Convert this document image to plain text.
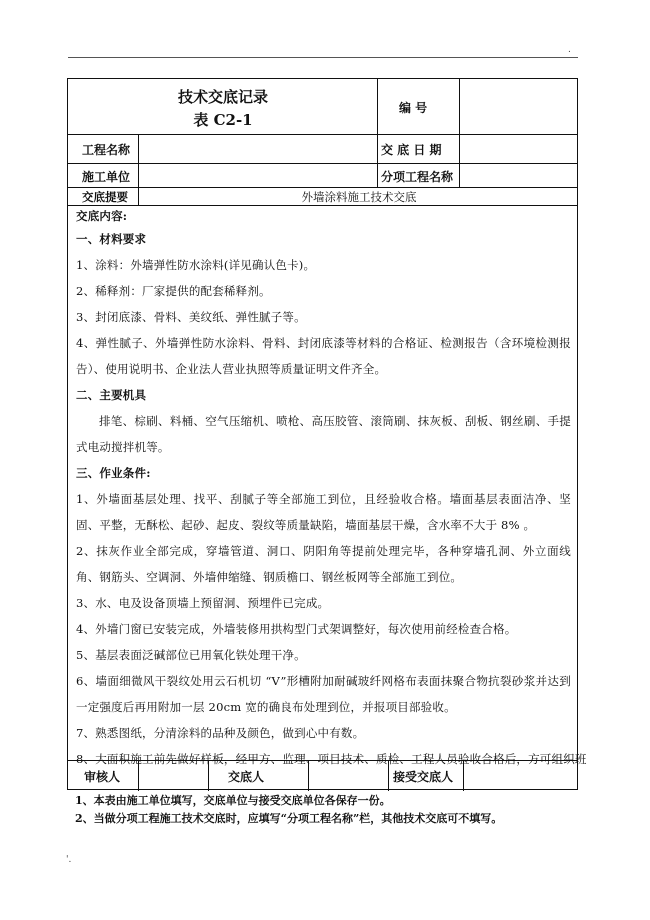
.
技术交底记录
表 C2-1
编 号
工程名称	交 底 日 期
施工单位	分项工程名称
交底提要	外墙涂料施工技术交底
交底内容:
一、材料要求
1、涂料：外墙弹性防水涂料(详见确认色卡)。
2、稀释剂：厂家提供的配套稀释剂。
3、封闭底漆、骨料、美纹纸、弹性腻子等。
4、弹性腻子、外墙弹性防水涂料、骨料、封闭底漆等材料的合格证、检测报告（含环境检测报告）、使用说明书、企业法人营业执照等质量证明文件齐全。
二、主要机具
排笔、棕刷、料桶、空气压缩机、喷枪、高压胶管、滚筒刷、抹灰板、刮板、钢丝刷、手提式电动搅拌机等。
三、作业条件:
1、外墙面基层处理、找平、刮腻子等全部施工到位，且经验收合格。墙面基层表面洁净、坚固、平整，无酥松、起砂、起皮、裂纹等质量缺陷，墙面基层干燥，含水率不大于 8% 。
2、抹灰作业全部完成，穿墙管道、洞口、阴阳角等提前处理完毕，各种穿墙孔洞、外立面线角、钢筋头、空调洞、外墙伸缩缝、钢质檐口、钢丝板网等全部施工到位。
3、水、电及设备顶墙上预留洞、预埋件已完成。
4、外墙门窗已安装完成，外墙装修用拱构型门式架调整好，每次使用前经检查合格。
5、基层表面泛碱部位已用氧化铁处理干净。
6、墙面细微风干裂纹处用云石机切 “V”形槽附加耐碱玻纤网格布表面抹聚合物抗裂砂浆并达到一定强度后再用附加一层 20cm 宽的确良布处理到位，并报项目部验收。
7、熟悉图纸，分清涂料的品种及颜色，做到心中有数。
8、大面积施工前先做好样板，经甲方、监理、项目技术、质检、工程人员验收合格后，方可组织班
审核人	交底人	接受交底人
1、本表由施工单位填写，交底单位与接受交底单位各保存一份。
2、当做分项工程施工技术交底时，应填写“分项工程名称”栏，其他技术交底可不填写。
'.
